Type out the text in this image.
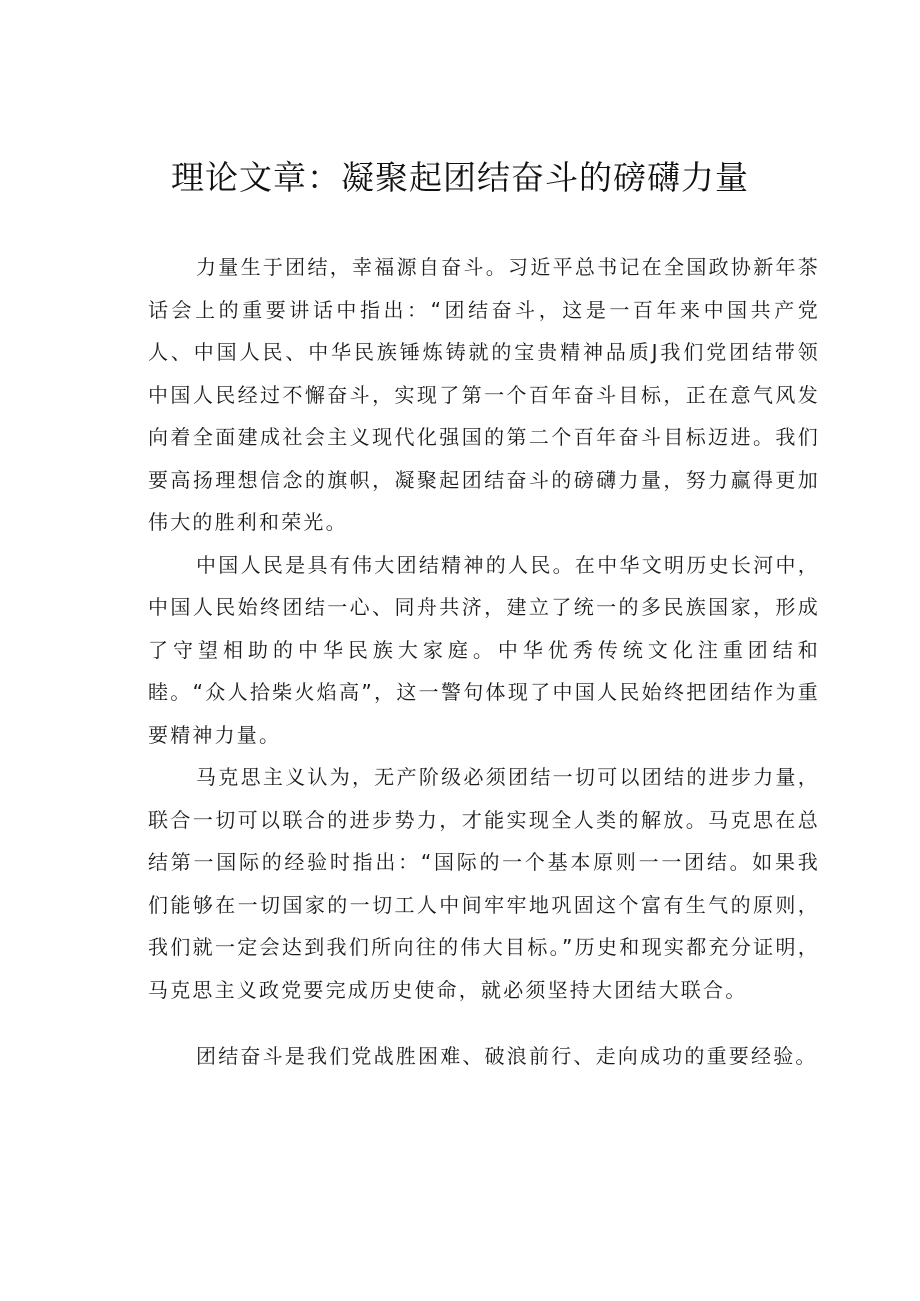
理论文章：凝聚起团结奋斗的磅礴力量

力量生于团结，幸福源自奋斗。习近平总书记在全国政协新年茶话会上的重要讲话中指出：“团结奋斗，这是一百年来中国共产党人、中国人民、中华民族锤炼铸就的宝贵精神品质J我们党团结带领中国人民经过不懈奋斗，实现了第一个百年奋斗目标，正在意气风发向着全面建成社会主义现代化强国的第二个百年奋斗目标迈进。我们要高扬理想信念的旗帜，凝聚起团结奋斗的磅礴力量，努力赢得更加伟大的胜利和荣光。

中国人民是具有伟大团结精神的人民。在中华文明历史长河中，中国人民始终团结一心、同舟共济，建立了统一的多民族国家，形成了守望相助的中华民族大家庭。中华优秀传统文化注重团结和睦。“众人拾柴火焰高”，这一警句体现了中国人民始终把团结作为重要精神力量。

马克思主义认为，无产阶级必须团结一切可以团结的进步力量，联合一切可以联合的进步势力，才能实现全人类的解放。马克思在总结第一国际的经验时指出：“国际的一个基本原则一一团结。如果我们能够在一切国家的一切工人中间牢牢地巩固这个富有生气的原则，我们就一定会达到我们所向往的伟大目标。”历史和现实都充分证明，马克思主义政党要完成历史使命，就必须坚持大团结大联合。

团结奋斗是我们党战胜困难、破浪前行、走向成功的重要经验。
